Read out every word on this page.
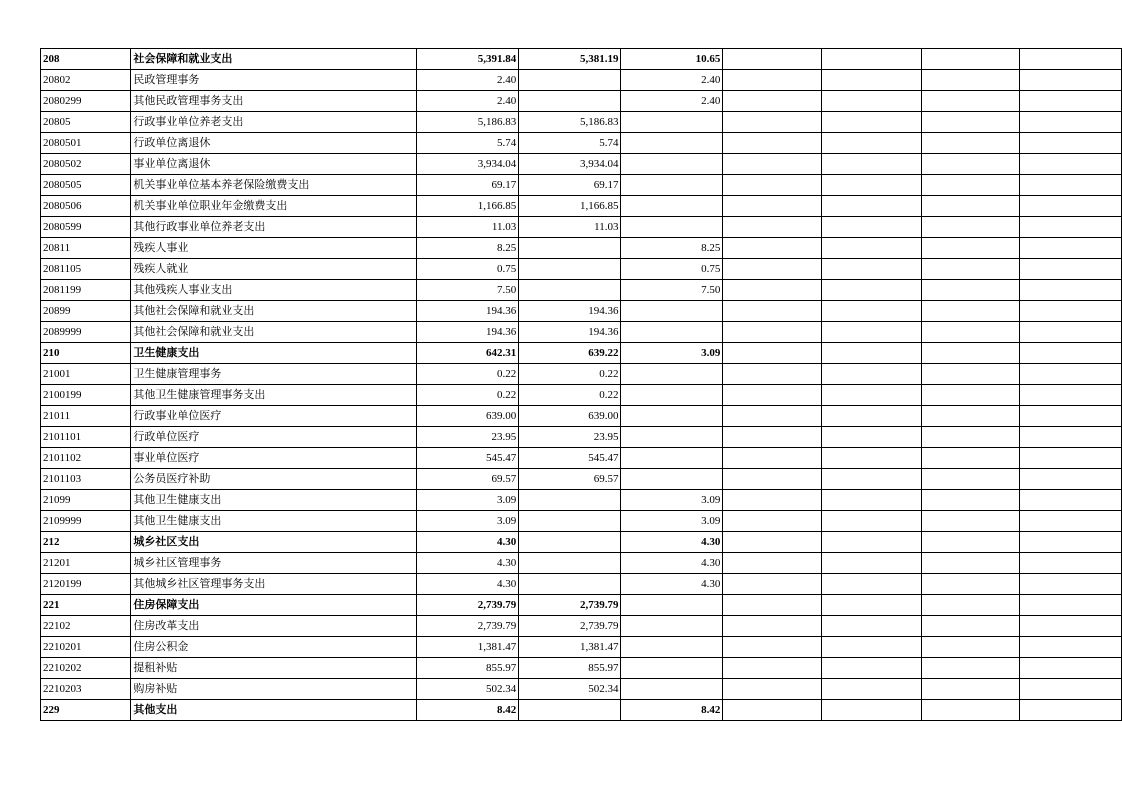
208	社会保障和就业支出	5,391.84	5,381.19	10.65				
20802	民政管理事务	2.40		2.40				
2080299	其他民政管理事务支出	2.40		2.40				
20805	行政事业单位养老支出	5,186.83	5,186.83					
2080501	行政单位离退休	5.74	5.74					
2080502	事业单位离退休	3,934.04	3,934.04					
2080505	机关事业单位基本养老保险缴费支出	69.17	69.17					
2080506	机关事业单位职业年金缴费支出	1,166.85	1,166.85					
2080599	其他行政事业单位养老支出	11.03	11.03					
20811	残疾人事业	8.25		8.25				
2081105	残疾人就业	0.75		0.75				
2081199	其他残疾人事业支出	7.50		7.50				
20899	其他社会保障和就业支出	194.36	194.36					
2089999	其他社会保障和就业支出	194.36	194.36					
210	卫生健康支出	642.31	639.22	3.09				
21001	卫生健康管理事务	0.22	0.22					
2100199	其他卫生健康管理事务支出	0.22	0.22					
21011	行政事业单位医疗	639.00	639.00					
2101101	行政单位医疗	23.95	23.95					
2101102	事业单位医疗	545.47	545.47					
2101103	公务员医疗补助	69.57	69.57					
21099	其他卫生健康支出	3.09		3.09				
2109999	其他卫生健康支出	3.09		3.09				
212	城乡社区支出	4.30		4.30				
21201	城乡社区管理事务	4.30		4.30				
2120199	其他城乡社区管理事务支出	4.30		4.30				
221	住房保障支出	2,739.79	2,739.79					
22102	住房改革支出	2,739.79	2,739.79					
2210201	住房公积金	1,381.47	1,381.47					
2210202	提租补贴	855.97	855.97					
2210203	购房补贴	502.34	502.34					
229	其他支出	8.42		8.42				
